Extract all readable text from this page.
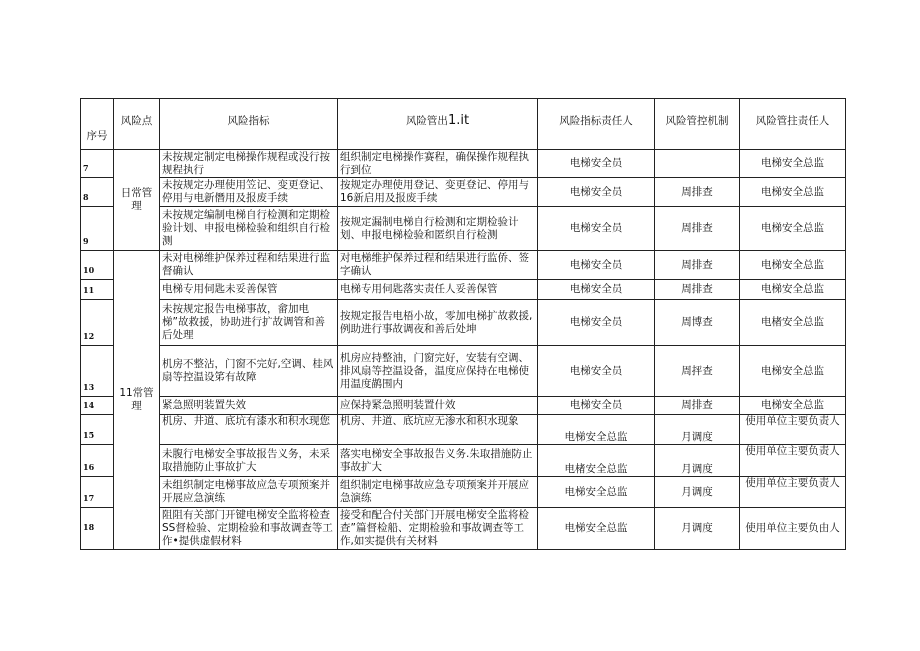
序号	风险点	风险指标	风险管出1.it	风险指标责任人	风险管控机制	风险管拄责任人
7	日常管理	未按规定制定电梯操作规程或没行按规程执行	组织制定电梯操作赛程，确保操作规程执行到位	电梯安全员		电梯安全总监
8		未按规定办理使用笠记、变更登记、停用与电新僭用及报废手续	按规定办理使用登记、变更登记、停用与16新启用及报废手续	电梯安全员	周排查	电梯安全总监
9		未按规定编制电梯自行检测和定期检验计划、申报电梯检验和组织自行检测	按规定漏制电梯自行检测和定期检验计划、申报电梯检验和匿织自行检测	电梯安全员	周排查	电梯安全总监
10	11常管理	未对电梯维护保养过程和结果进行监督确认	对电梯维护保养过程和结果进行监侨、签字确认	电梯安全员	周排查	电梯安全总监
11		电梯专用伺匙未妥善保管	电梯专用伺匙落实责任人妥善保管	电梯安全员	周排查	电梯安全总监
12		未按规定报告电梯事故，畲加电梯”故救援，协助进行扩故调管和善后处理	按规定报告电梧小故，零加电梯扩故救援,例助进行事故调夜和善后处坤	电梯安全员	周博查	电楮安全总监
13		机房不整沾，门窗不完好,空调、桂风扇等控温设笫有故障	机房应持整油，门窗完好，安装有空调、排风扇等控温设备，温度应保持在电梯使用温度鹋围内	电梯安全员	周抨查	电梯安全总监
14		紧急照明装置失效	应保持紧急照明装置什效	电梯安全员	周排查	电梯安全总监
15		机房、井道、底坑有漆水和积水现您	机房、井道、底坑应无渗水和积水现象	电梯安全总监	月调度	使用单位主要负责人
16		未腹行电梯安全事故报告义务，未采取措施防止事故扩大	落实电梯安全事故报告义务.朱取措施防止事故扩大	电楮安全总监	月调度	使用单位主要负责人
17		未组织制定电梯事故应急专项预案并开展应急演练	组织制定电梯事故应急专项预案并开展应急演练	电梯安全总监	月调度	使用单位主要负责人
18		阻阻有关部门开键电梯安全监将检查SS督检验、定期检验和事故调查等工作•提供虚假材料	接受和配合付关部门开展电梯安全监将检查”篇督检船、定期检验和事故调查等工作,如实提供有关材料	电梯安全总监	月调度	使用单位主要负由人
